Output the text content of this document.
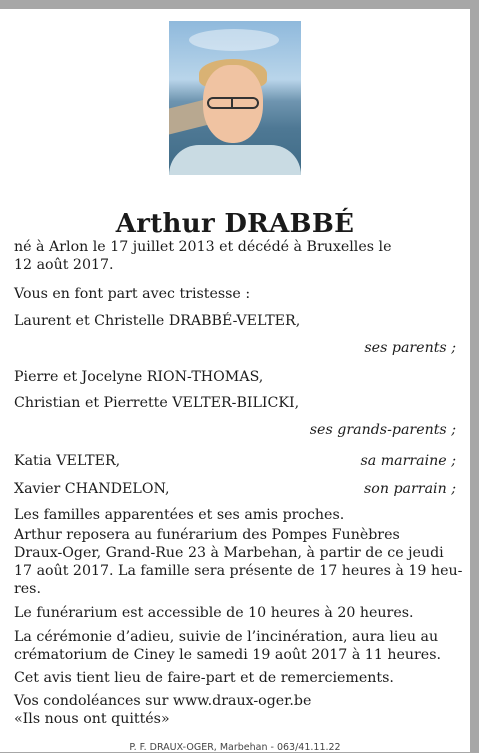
Arthur DRABBÉ
né à Arlon le 17 juillet 2013 et décédé à Bruxelles le
12 août 2017.
Vous en font part avec tristesse :
Laurent et Christelle DRABBÉ-VELTER,
ses parents ;
Pierre et Jocelyne RION-THOMAS,
Christian et Pierrette VELTER-BILICKI,
ses grands-parents ;
Katia VELTER,	sa marraine ;
Xavier CHANDELON,	son parrain ;
Les familles apparentées et ses amis proches.
Arthur reposera au funérarium des Pompes Funèbres
Draux-Oger, Grand-Rue 23 à Marbehan, à partir de ce jeudi
17 août 2017. La famille sera présente de 17 heures à 19 heu-
res.
Le funérarium est accessible de 10 heures à 20 heures.
La cérémonie d’adieu, suivie de l’incinération, aura lieu au
crématorium de Ciney le samedi 19 août 2017 à 11 heures.
Cet avis tient lieu de faire-part et de remerciements.
Vos condoléances sur www.draux-oger.be
«Ils nous ont quittés»
P. F. DRAUX-OGER, Marbehan - 063/41.11.22
